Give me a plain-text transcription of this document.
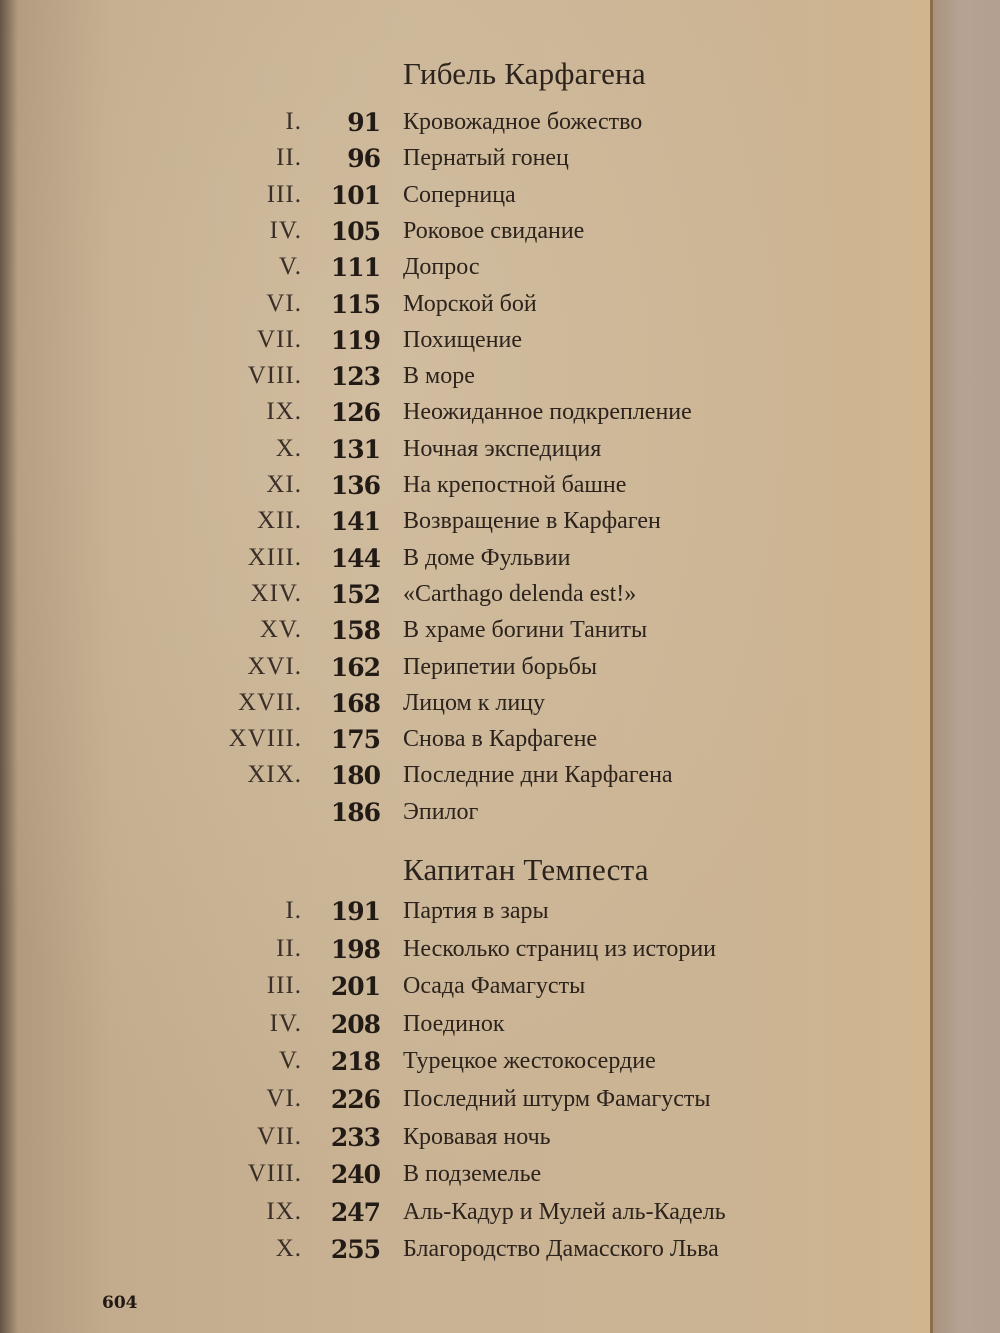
Гибель Карфагена
I. 91 Кровожадное божество
II. 96 Пернатый гонец
III. 101 Соперница
IV. 105 Роковое свидание
V. 111 Допрос
VI. 115 Морской бой
VII. 119 Похищение
VIII. 123 В море
IX. 126 Неожиданное подкрепление
X. 131 Ночная экспедиция
XI. 136 На крепостной башне
XII. 141 Возвращение в Карфаген
XIII. 144 В доме Фульвии
XIV. 152 «Carthago delenda est!»
XV. 158 В храме богини Таниты
XVI. 162 Перипетии борьбы
XVII. 168 Лицом к лицу
XVIII. 175 Снова в Карфагене
XIX. 180 Последние дни Карфагена
186 Эпилог
Капитан Темпеста
I. 191 Партия в зары
II. 198 Несколько страниц из истории
III. 201 Осада Фамагусты
IV. 208 Поединок
V. 218 Турецкое жестокосердие
VI. 226 Последний штурм Фамагусты
VII. 233 Кровавая ночь
VIII. 240 В подземелье
IX. 247 Аль-Кадур и Мулей аль-Кадель
X. 255 Благородство Дамасского Льва
604
